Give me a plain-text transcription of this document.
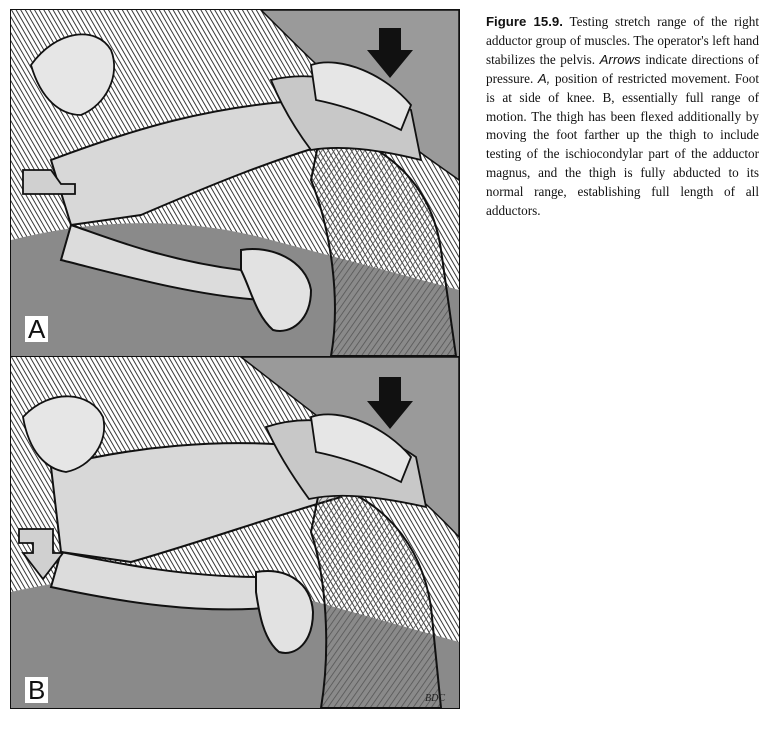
A
B	BDC
Figure 15.9. Testing stretch range of the right adductor group of muscles. The operator's left hand stabilizes the pelvis. Arrows indicate directions of pressure. A, position of restricted movement. Foot is at side of knee. B, essentially full range of motion. The thigh has been flexed additionally by moving the foot farther up the thigh to include testing of the ischiocondylar part of the adductor magnus, and the thigh is fully abducted to its normal range, establishing full length of all adductors.
